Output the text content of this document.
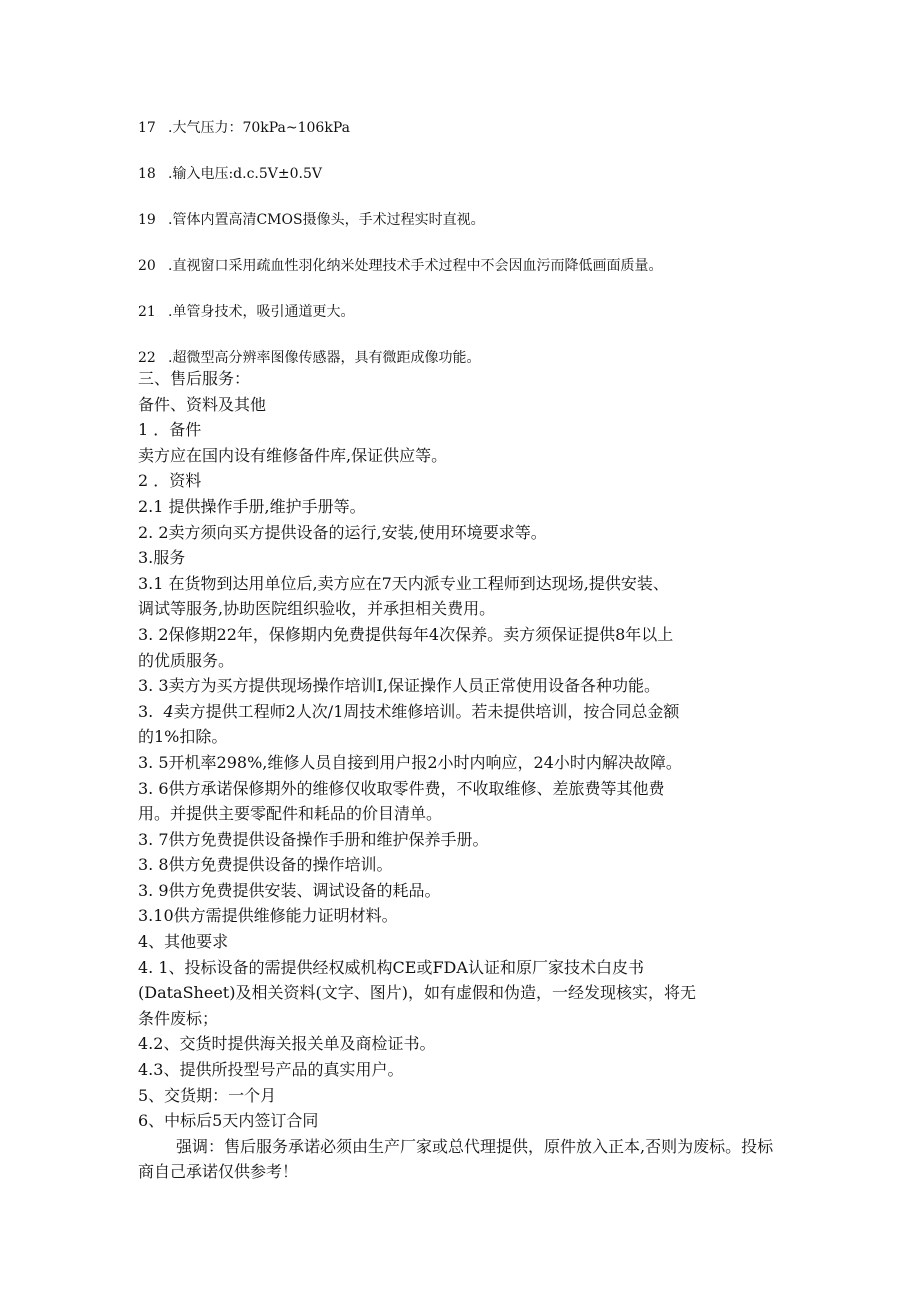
17 .大气压力：70kPa~106kPa
18 .输入电压:d.c.5V±0.5V
19 .管体内置高清CMOS摄像头，手术过程实时直视。
20 .直视窗口采用疏血性羽化纳米处理技术手术过程中不会因血污而降低画面质量。
21 .单管身技术，吸引通道更大。
22 .超微型高分辨率图像传感器，具有微距成像功能。
三、售后服务：
备件、资料及其他
1 ．备件
卖方应在国内设有维修备件库,保证供应等。
2 ．资料
2.1 提供操作手册,维护手册等。
2. 2卖方须向买方提供设备的运行,安装,使用环境要求等。
3.服务
3.1 在货物到达用单位后,卖方应在7天内派专业工程师到达现场,提供安装、
调试等服务,协助医院组织验收，并承担相关费用。
3. 2保修期22年，保修期内免费提供每年4次保养。卖方须保证提供8年以上
的优质服务。
3. 3卖方为买方提供现场操作培训I,保证操作人员正常使用设备各种功能。
3.  4卖方提供工程师2人次/1周技术维修培训。若未提供培训，按合同总金额
的1%扣除。
3. 5开机率298%,维修人员自接到用户报2小时内响应，24小时内解决故障。
3. 6供方承诺保修期外的维修仅收取零件费，不收取维修、差旅费等其他费
用。并提供主要零配件和耗品的价目清单。
3. 7供方免费提供设备操作手册和维护保养手册。
3. 8供方免费提供设备的操作培训。
3. 9供方免费提供安装、调试设备的耗品。
3.10供方需提供维修能力证明材料。
4、其他要求
4. 1、投标设备的需提供经权威机构CE或FDA认证和原厂家技术白皮书
(DataSheet)及相关资料(文字、图片)，如有虚假和伪造，一经发现核实，将无
条件废标；
4.2、交货时提供海关报关单及商检证书。
4.3、提供所投型号产品的真实用户。
5、交货期：一个月
6、中标后5天内签订合同
强调：售后服务承诺必须由生产厂家或总代理提供，原件放入正本,否则为废标。投标商自己承诺仅供参考！
